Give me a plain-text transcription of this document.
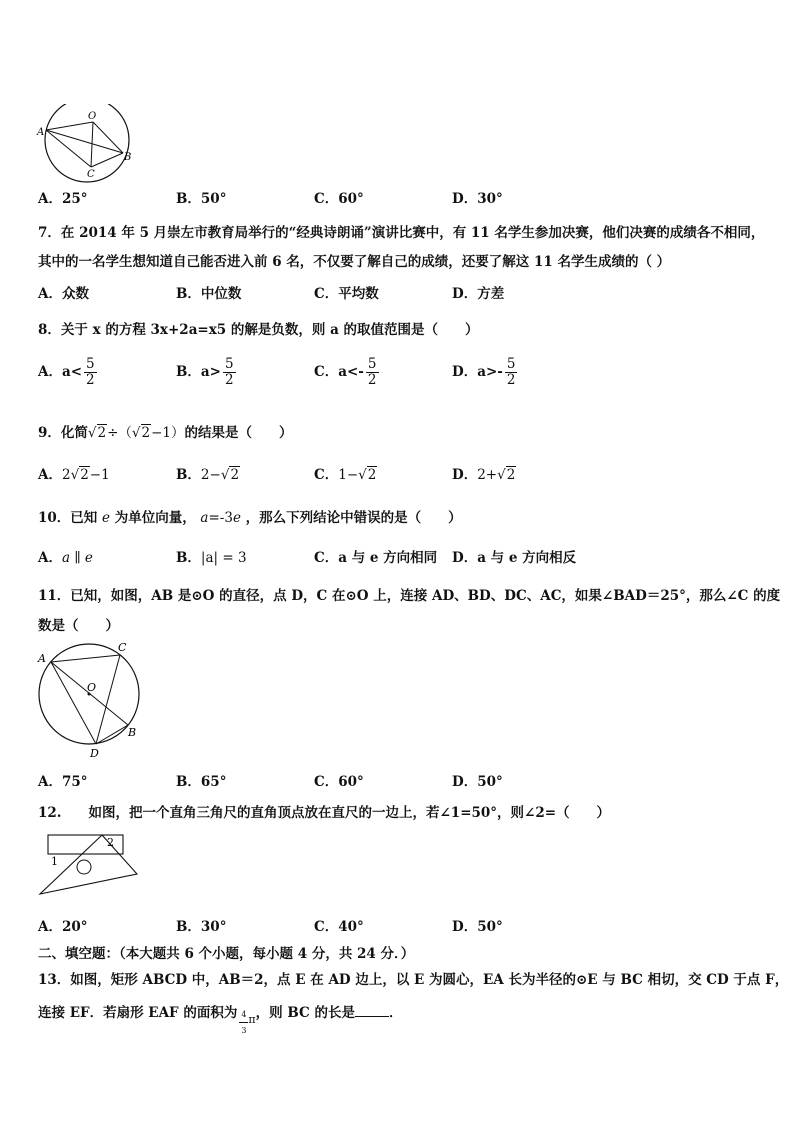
O
A
B
C
A．25°	B．50°	C．60°	D．30°
7．在 2014 年 5 月崇左市教育局举行的“经典诗朗诵”演讲比赛中，有 11 名学生参加决赛，他们决赛的成绩各不相同，
其中的一名学生想知道自己能否进入前 6 名，不仅要了解自己的成绩，还要了解这 11 名学生成绩的（ ）
A．众数	B．中位数	C．平均数	D．方差
8．关于 x 的方程 3x+2a=x5 的解是负数，则 a 的取值范围是（　　）
A．$a< \frac{5}{2}$	B．$a> \frac{5}{2}$	C．$a<- \frac{5}{2}$	D．$a>- \frac{5}{2}$
9．化简√2÷（√2−1）的结果是（　　）
A．2√2−1	B．2−√2	C．1−√2	D．2+√2
10．已知 e 为单位向量， a=-3e ，那么下列结论中错误的是（　　）
A．a ∥ e	B．|a| = 3	C．a 与 e 方向相同 D．a 与 e 方向相反
11．已知，如图，AB 是⊙O 的直径，点 D，C 在⊙O 上，连接 AD、BD、DC、AC，如果∠BAD＝25°，那么∠C 的度
数是（　　）
A
C
O
B
D
A．75°	B．65°	C．60°	D．50°
12.　　如图，把一个直角三角尺的直角顶点放在直尺的一边上，若∠1=50°，则∠2=（　　）
1
2
A．20°	B．30°	C．40°	D．50°
二、填空题：（本大题共 6 个小题，每小题 4 分，共 24 分．）
13．如图，矩形 ABCD 中，AB＝2，点 E 在 AD 边上，以 E 为圆心，EA 长为半径的⊙E 与 BC 相切，交 CD 于点 F，
连接 EF．若扇形 EAF 的面积为 $\frac{4}{3} _\pi$，则 BC 的长是	．
